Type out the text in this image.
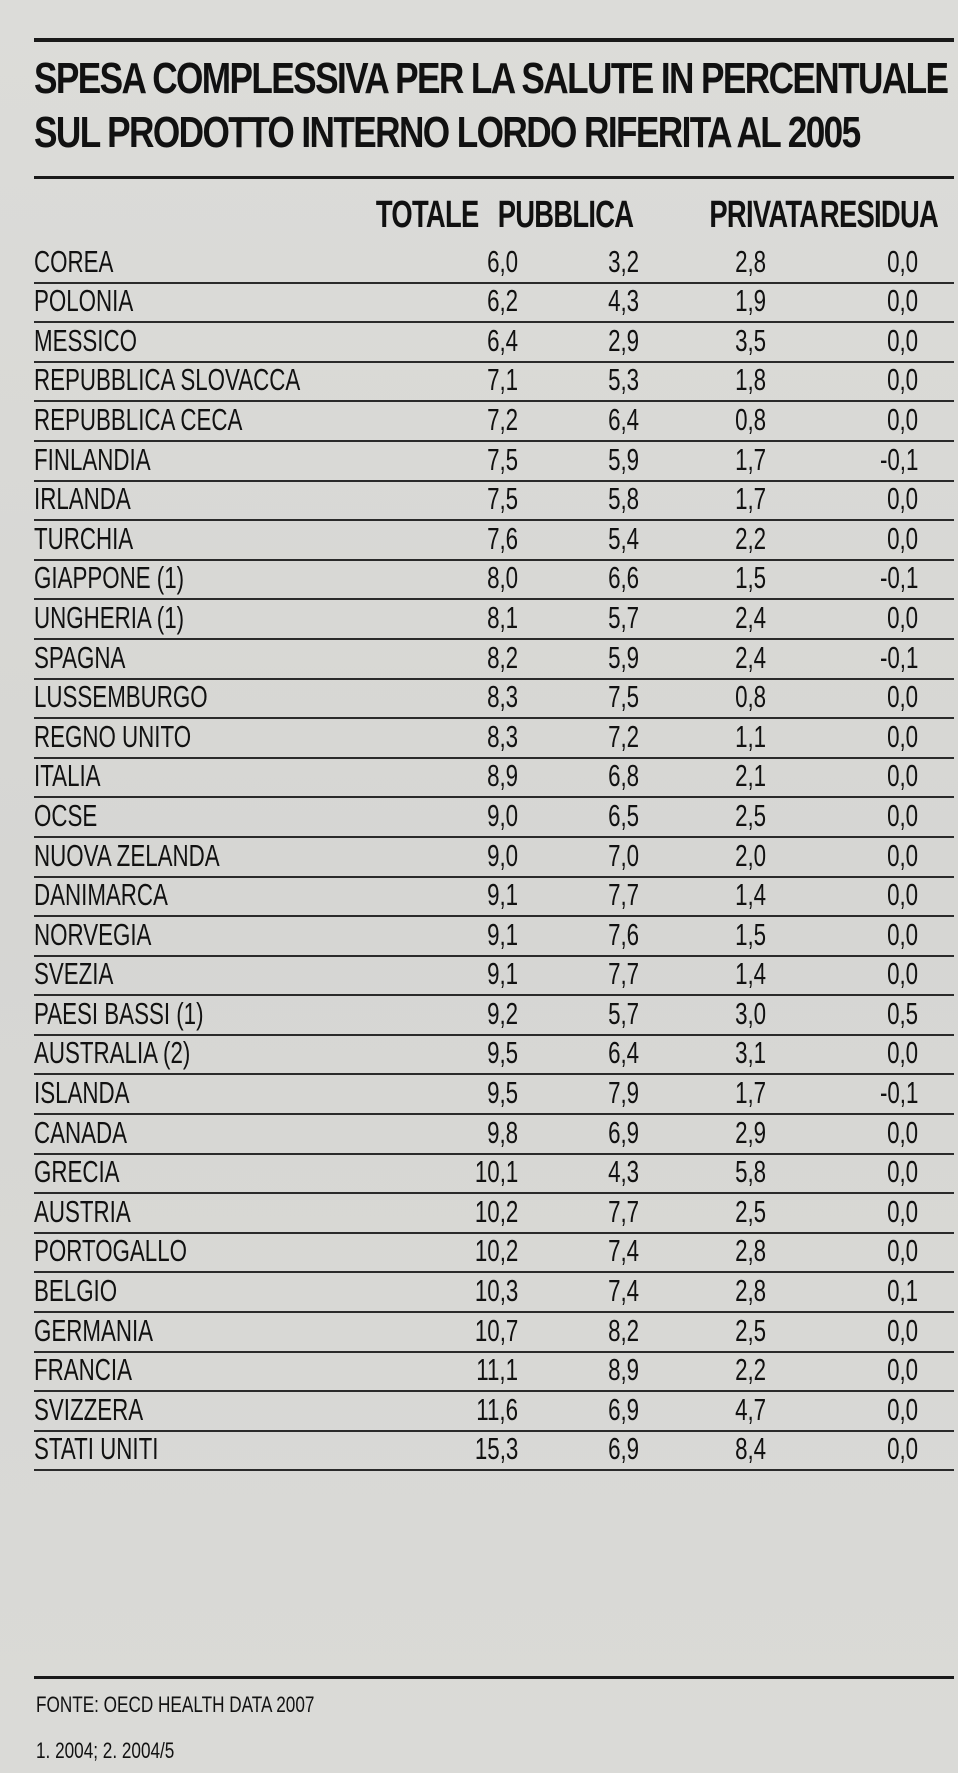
SPESA COMPLESSIVA PER LA SALUTE IN PERCENTUALE
SUL PRODOTTO INTERNO LORDO RIFERITA AL 2005
TOTALE PUBBLICA PRIVATA RESIDUA
COREA	6,0	3,2	2,8	0,0
POLONIA	6,2	4,3	1,9	0,0
MESSICO	6,4	2,9	3,5	0,0
REPUBBLICA SLOVACCA	7,1	5,3	1,8	0,0
REPUBBLICA CECA	7,2	6,4	0,8	0,0
FINLANDIA	7,5	5,9	1,7	-0,1
IRLANDA	7,5	5,8	1,7	0,0
TURCHIA	7,6	5,4	2,2	0,0
GIAPPONE (1)	8,0	6,6	1,5	-0,1
UNGHERIA (1)	8,1	5,7	2,4	0,0
SPAGNA	8,2	5,9	2,4	-0,1
LUSSEMBURGO	8,3	7,5	0,8	0,0
REGNO UNITO	8,3	7,2	1,1	0,0
ITALIA	8,9	6,8	2,1	0,0
OCSE	9,0	6,5	2,5	0,0
NUOVA ZELANDA	9,0	7,0	2,0	0,0
DANIMARCA	9,1	7,7	1,4	0,0
NORVEGIA	9,1	7,6	1,5	0,0
SVEZIA	9,1	7,7	1,4	0,0
PAESI BASSI (1)	9,2	5,7	3,0	0,5
AUSTRALIA (2)	9,5	6,4	3,1	0,0
ISLANDA	9,5	7,9	1,7	-0,1
CANADA	9,8	6,9	2,9	0,0
GRECIA	10,1	4,3	5,8	0,0
AUSTRIA	10,2	7,7	2,5	0,0
PORTOGALLO	10,2	7,4	2,8	0,0
BELGIO	10,3	7,4	2,8	0,1
GERMANIA	10,7	8,2	2,5	0,0
FRANCIA	11,1	8,9	2,2	0,0
SVIZZERA	11,6	6,9	4,7	0,0
STATI UNITI	15,3	6,9	8,4	0,0
FONTE: OECD HEALTH DATA 2007
1. 2004; 2. 2004/5
